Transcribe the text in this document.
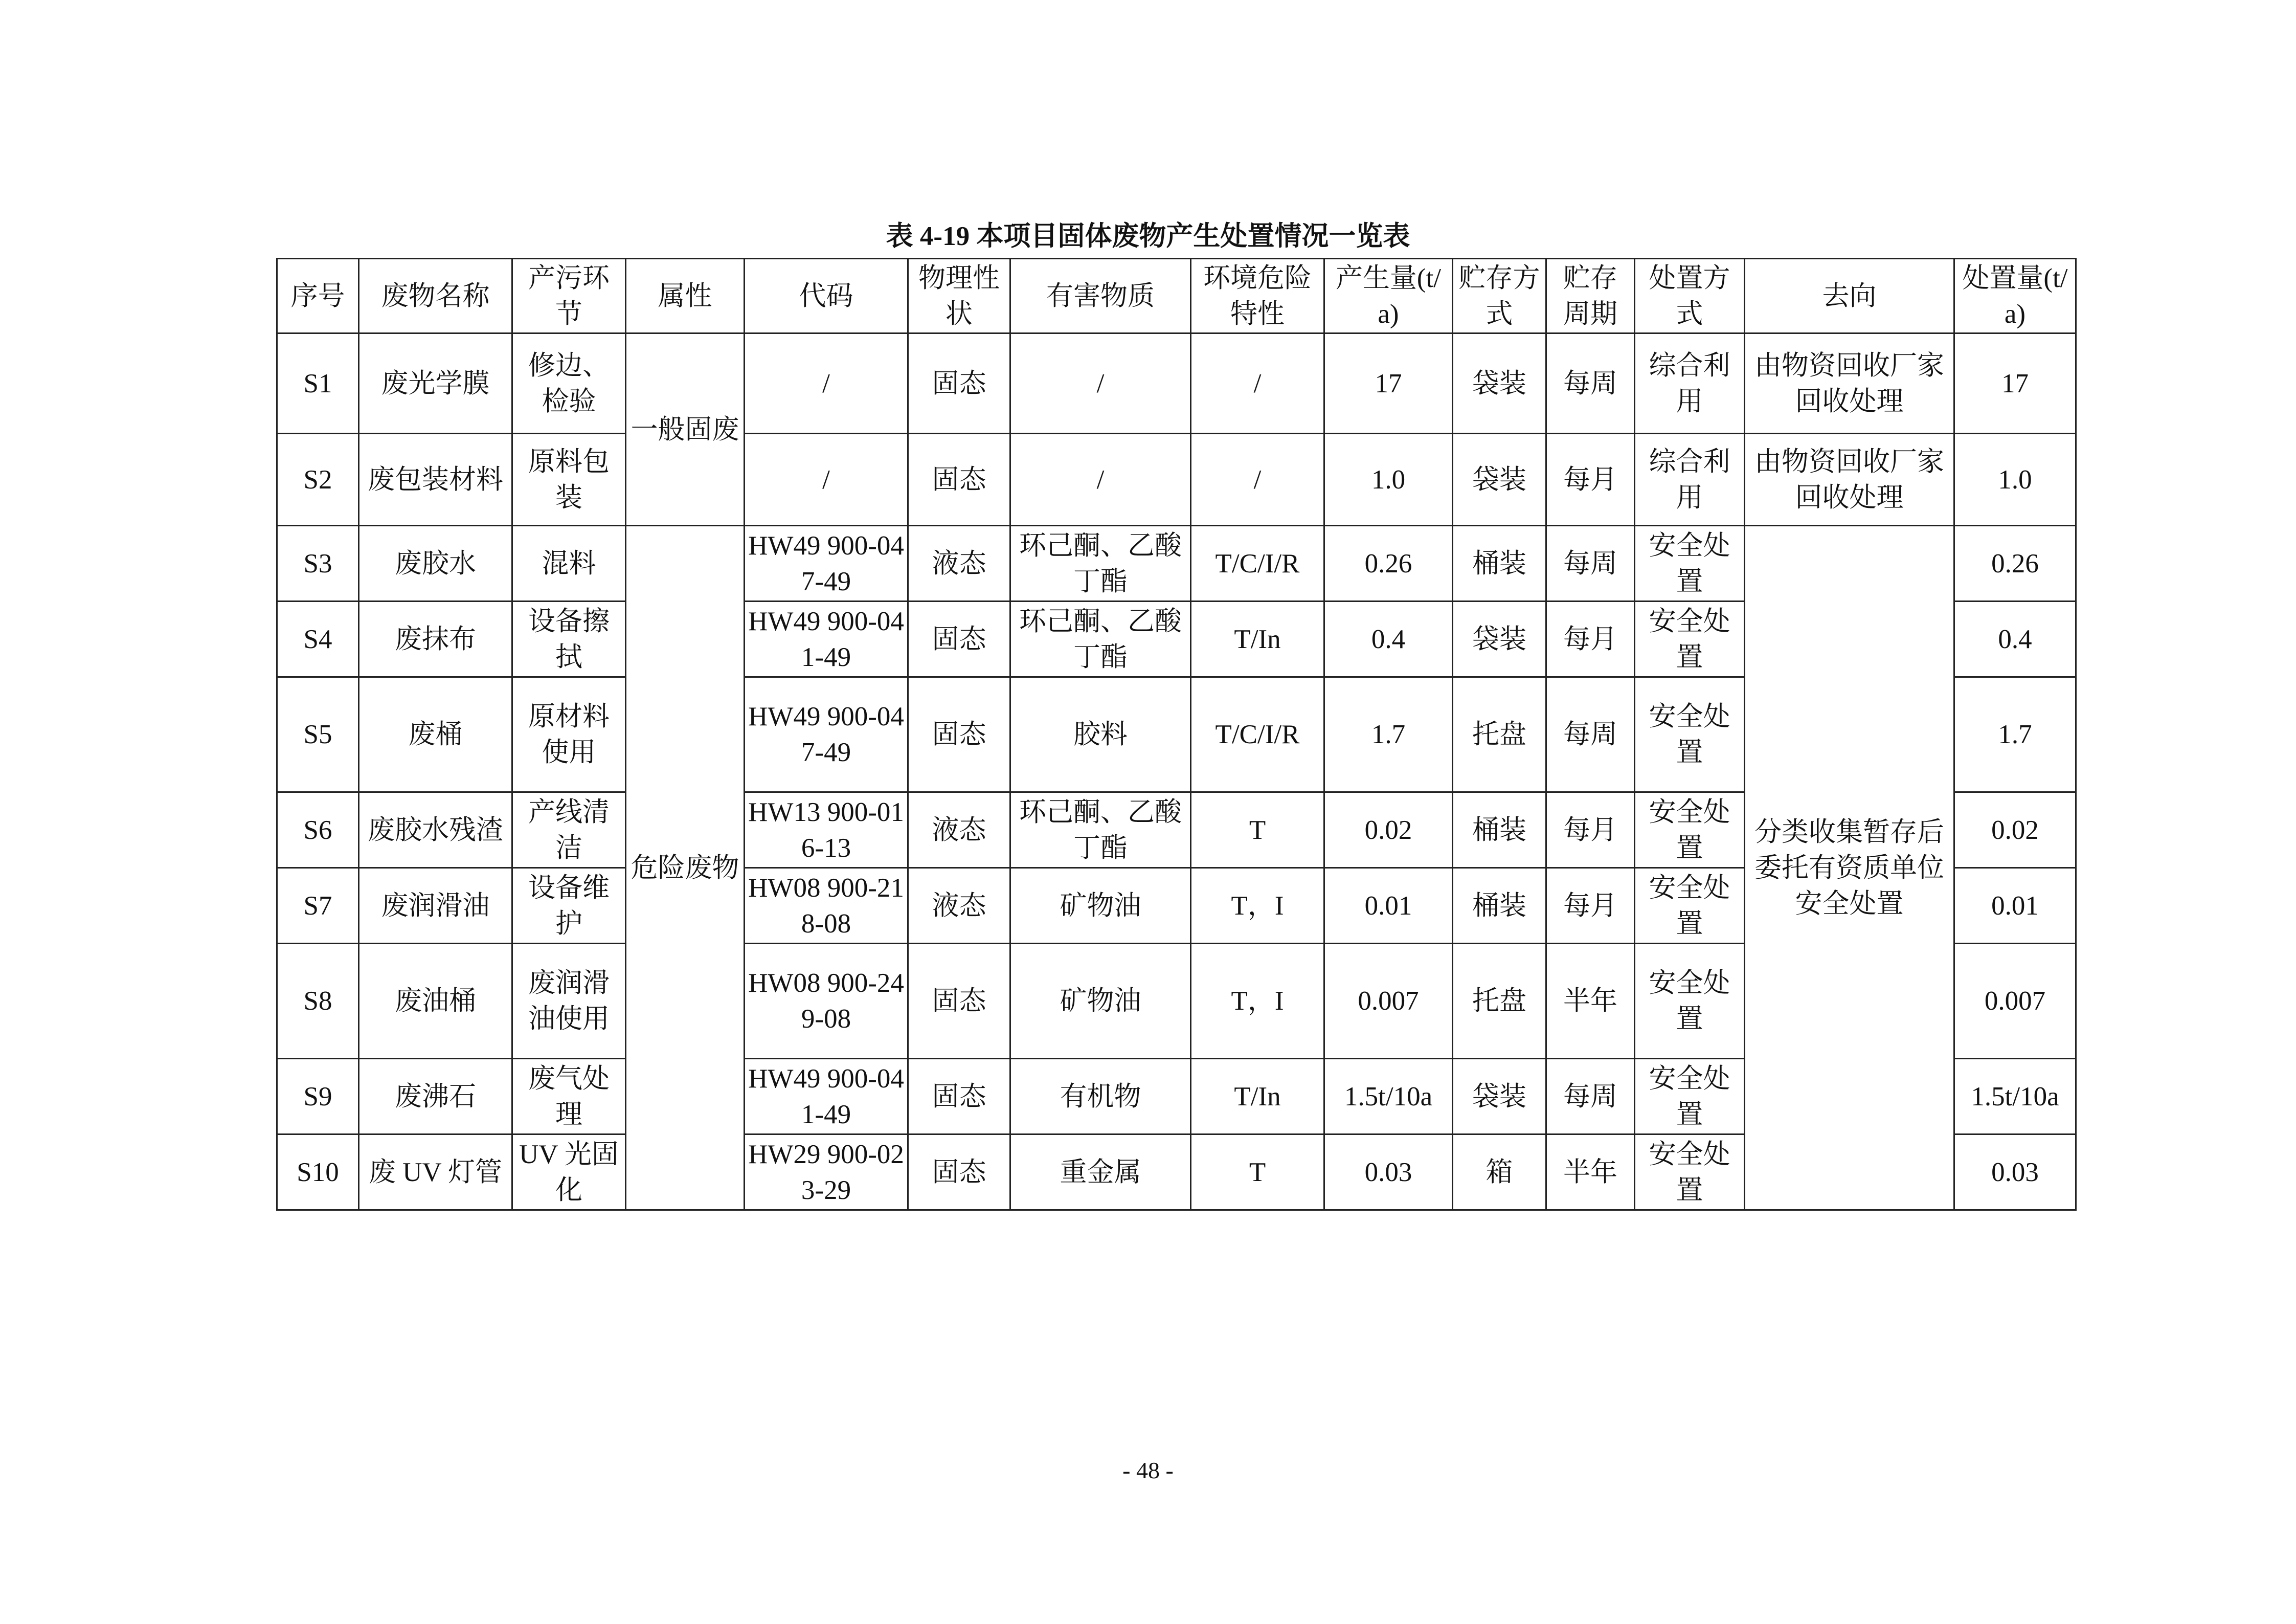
表 4-19 本项目固体废物产生处置情况一览表
序号	废物名称	产污环节	属性	代码	物理性状	有害物质	环境危险特性	产生量(t/a)	贮存方式	贮存周期	处置方式	去向	处置量(t/a)
S1	废光学膜	修边、检验	一般固废	/	固态	/	/	17	袋装	每周	综合利用	由物资回收厂家回收处理	17
S2	废包装材料	原料包装		/	固态	/	/	1.0	袋装	每月	综合利用	由物资回收厂家回收处理	1.0
S3	废胶水	混料	危险废物	HW49 900-047-49	液态	环己酮、乙酸丁酯	T/C/I/R	0.26	桶装	每周	安全处置	分类收集暂存后委托有资质单位安全处置	0.26
S4	废抹布	设备擦拭		HW49 900-041-49	固态	环己酮、乙酸丁酯	T/In	0.4	袋装	每月	安全处置		0.4
S5	废桶	原材料使用		HW49 900-047-49	固态	胶料	T/C/I/R	1.7	托盘	每周	安全处置		1.7
S6	废胶水残渣	产线清洁		HW13 900-016-13	液态	环己酮、乙酸丁酯	T	0.02	桶装	每月	安全处置		0.02
S7	废润滑油	设备维护		HW08 900-218-08	液态	矿物油	T，I	0.01	桶装	每月	安全处置		0.01
S8	废油桶	废润滑油使用		HW08 900-249-08	固态	矿物油	T，I	0.007	托盘	半年	安全处置		0.007
S9	废沸石	废气处理		HW49 900-041-49	固态	有机物	T/In	1.5t/10a	袋装	每周	安全处置		1.5t/10a
S10	废 UV 灯管	UV 光固化		HW29 900-023-29	固态	重金属	T	0.03	箱	半年	安全处置		0.03
- 48 -
